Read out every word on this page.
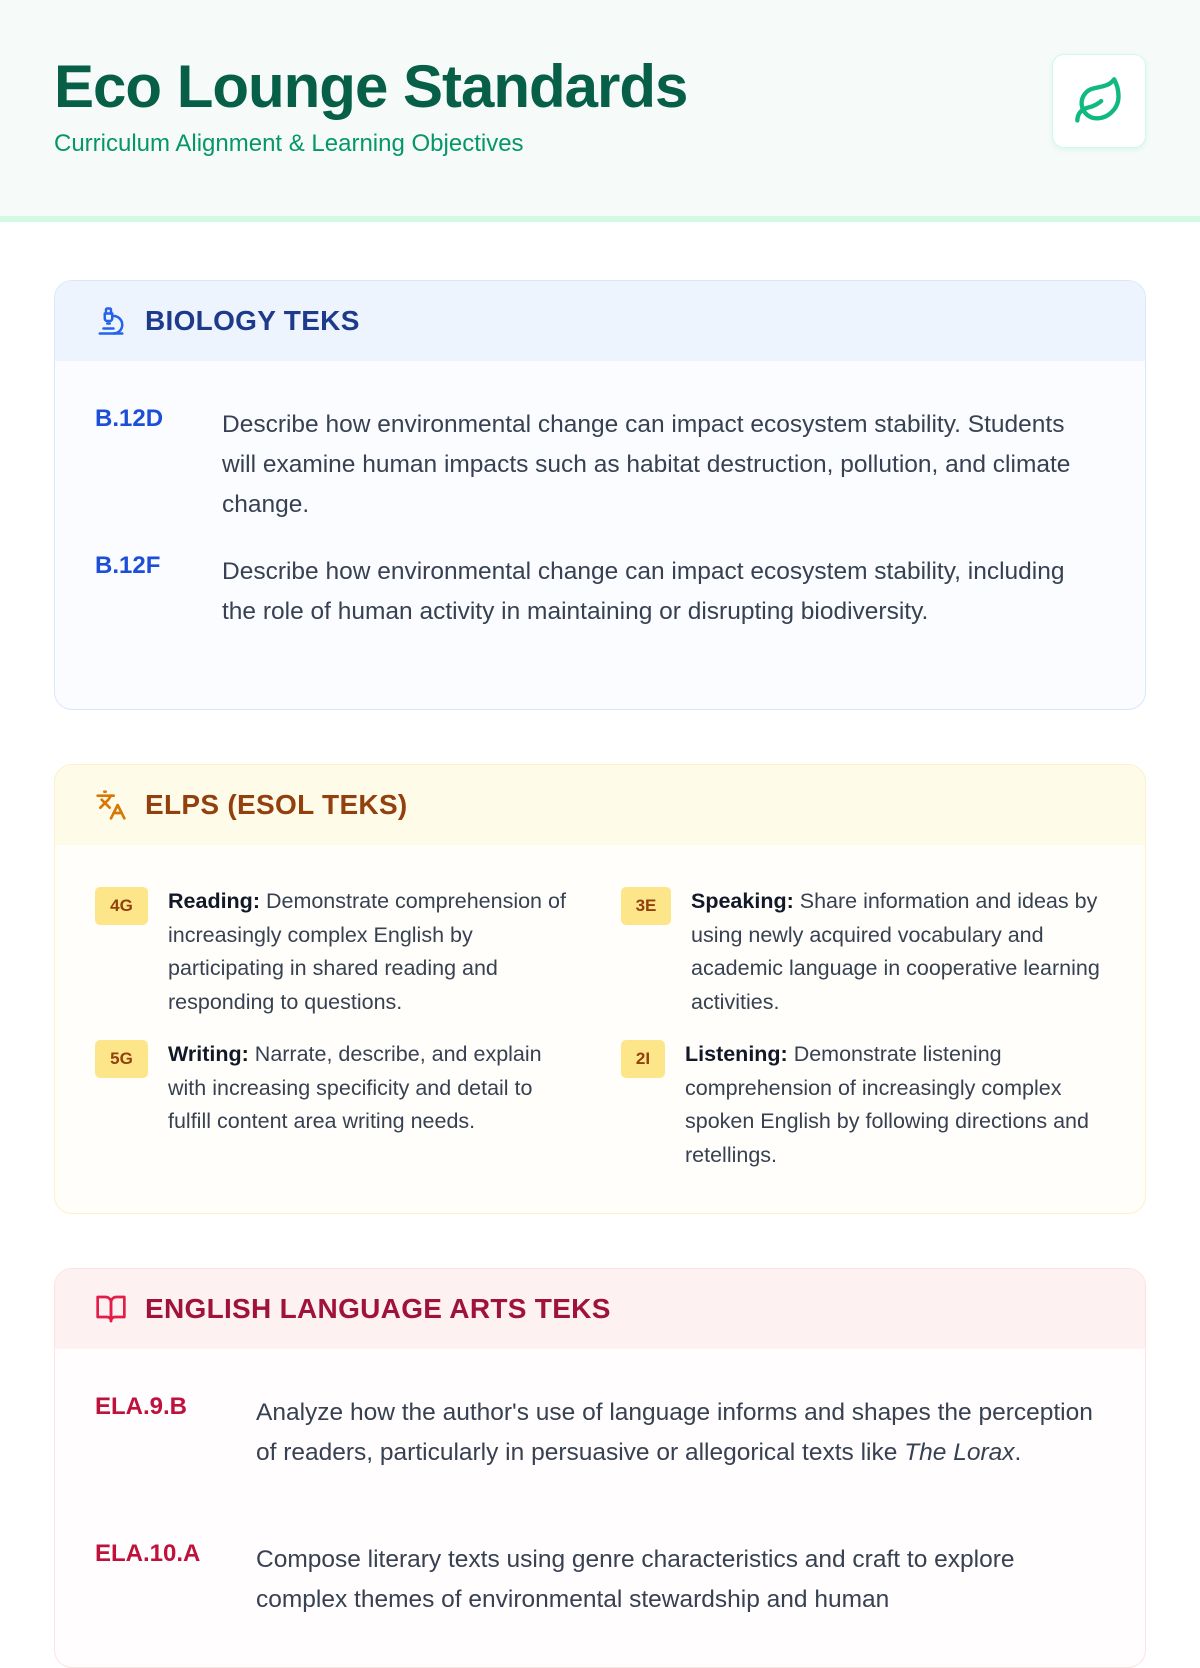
Eco Lounge Standards

Curriculum Alignment & Learning Objectives

BIOLOGY TEKS
B.12D Describe how environmental change can impact ecosystem stability. Students will examine human impacts such as habitat destruction, pollution, and climate change.
B.12F	Describe how environmental change can impact ecosystem stability, including the role of human activity in maintaining or disrupting biodiversity.
ELPS (ESOL TEKS)
4G	Reading: Demonstrate comprehension of increasingly complex English by participating in shared reading and responding to questions.
3E	Speaking: Share information and ideas by using newly acquired vocabulary and academic language in cooperative learning activities.
5G	Writing: Narrate, describe, and explain with increasing specificity and detail to fulfill content area writing needs.
2I	Listening: Demonstrate listening comprehension of increasingly complex spoken English by following directions and retellings.
ENGLISH LANGUAGE ARTS TEKS
ELA.9.B	Analyze how the author's use of language informs and shapes the perception of readers, particularly in persuasive or allegorical texts like The Lorax.
ELA.10.A Compose literary texts using genre characteristics and craft to explore complex themes of environmental stewardship and human
